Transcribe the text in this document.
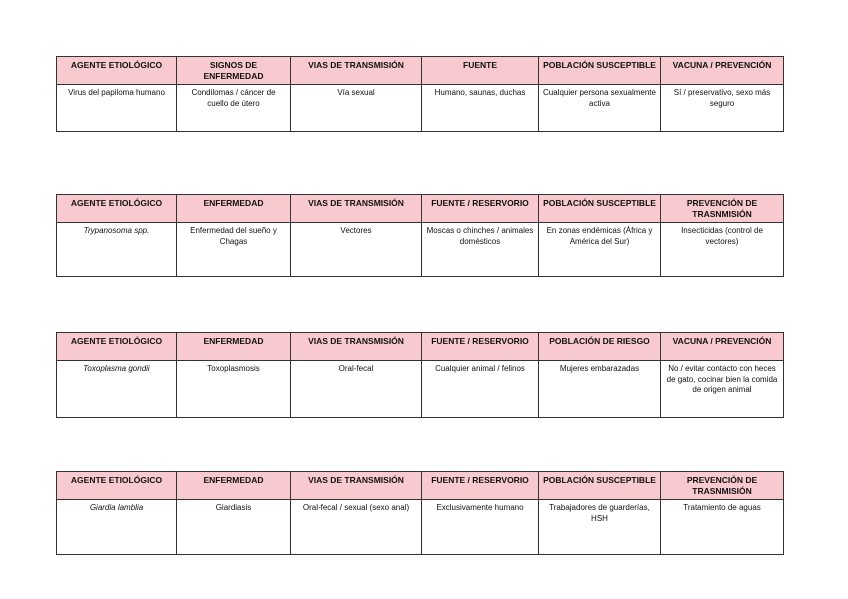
AGENTE ETIOLÓGICO	SIGNOS DE ENFERMEDAD	VIAS DE TRANSMISIÓN	FUENTE	POBLACIÓN SUSCEPTIBLE	VACUNA / PREVENCIÓN
Virus del papiloma humano	Condilomas / cáncer de cuello de útero	Vía sexual	Humano, saunas, duchas	Cualquier persona sexualmente activa	Sí / preservativo, sexo más seguro
AGENTE ETIOLÓGICO	ENFERMEDAD	VIAS DE TRANSMISIÓN	FUENTE / RESERVORIO	POBLACIÓN SUSCEPTIBLE	PREVENCIÓN DE TRASNMISIÓN
Trypanosoma spp.	Enfermedad del sueño y Chagas	Vectores	Moscas o chinches / animales domésticos	En zonas endémicas (África y América del Sur)	Insecticidas (control de vectores)
AGENTE ETIOLÓGICO	ENFERMEDAD	VIAS DE TRANSMISIÓN	FUENTE / RESERVORIO	POBLACIÓN DE RIESGO	VACUNA / PREVENCIÓN
Toxoplasma gondii	Toxoplasmosis	Oral-fecal	Cualquier animal / felinos	Mujeres embarazadas	No / evitar contacto con heces de gato, cocinar bien la comida de origen animal
AGENTE ETIOLÓGICO	ENFERMEDAD	VIAS DE TRANSMISIÓN	FUENTE / RESERVORIO	POBLACIÓN SUSCEPTIBLE	PREVENCIÓN DE TRASNMISIÓN
Giardia lamblia	Giardiasis	Oral-fecal / sexual (sexo anal)	Exclusivamente humano	Trabajadores de guarderías, HSH	Tratamiento de aguas
